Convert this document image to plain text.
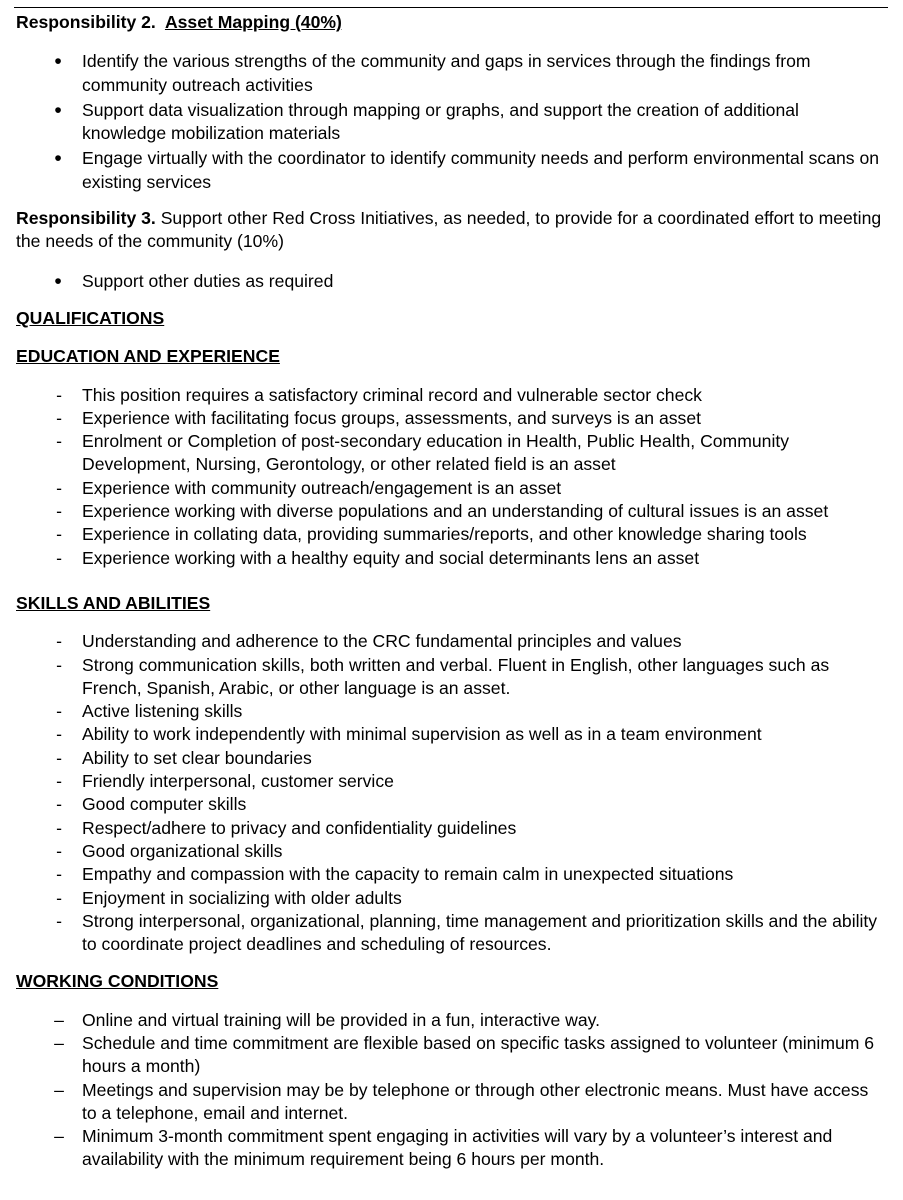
Responsibility 2. Asset Mapping (40%)

•	Identify the various strengths of the community and gaps in services through the findings from community outreach activities
•	Support data visualization through mapping or graphs, and support the creation of additional knowledge mobilization materials
•	Engage virtually with the coordinator to identify community needs and perform environmental scans on existing services

Responsibility 3. Support other Red Cross Initiatives, as needed, to provide for a coordinated effort to meeting the needs of the community (10%)

•	Support other duties as required

QUALIFICATIONS

EDUCATION AND EXPERIENCE

-	This position requires a satisfactory criminal record and vulnerable sector check
-	Experience with facilitating focus groups, assessments, and surveys is an asset
-	Enrolment or Completion of post-secondary education in Health, Public Health, Community Development, Nursing, Gerontology, or other related field is an asset
-	Experience with community outreach/engagement is an asset
-	Experience working with diverse populations and an understanding of cultural issues is an asset
-	Experience in collating data, providing summaries/reports, and other knowledge sharing tools
-	Experience working with a healthy equity and social determinants lens an asset

SKILLS AND ABILITIES

-	Understanding and adherence to the CRC fundamental principles and values
-	Strong communication skills, both written and verbal. Fluent in English, other languages such as French, Spanish, Arabic, or other language is an asset.
-	Active listening skills
-	Ability to work independently with minimal supervision as well as in a team environment
-	Ability to set clear boundaries
-	Friendly interpersonal, customer service
-	Good computer skills
-	Respect/adhere to privacy and confidentiality guidelines
-	Good organizational skills
-	Empathy and compassion with the capacity to remain calm in unexpected situations
-	Enjoyment in socializing with older adults
-	Strong interpersonal, organizational, planning, time management and prioritization skills and the ability to coordinate project deadlines and scheduling of resources.

WORKING CONDITIONS

–	Online and virtual training will be provided in a fun, interactive way.
–	Schedule and time commitment are flexible based on specific tasks assigned to volunteer (minimum 6 hours a month)
–	Meetings and supervision may be by telephone or through other electronic means. Must have access to a telephone, email and internet.
–	Minimum 3-month commitment spent engaging in activities will vary by a volunteer’s interest and availability with the minimum requirement being 6 hours per month.
